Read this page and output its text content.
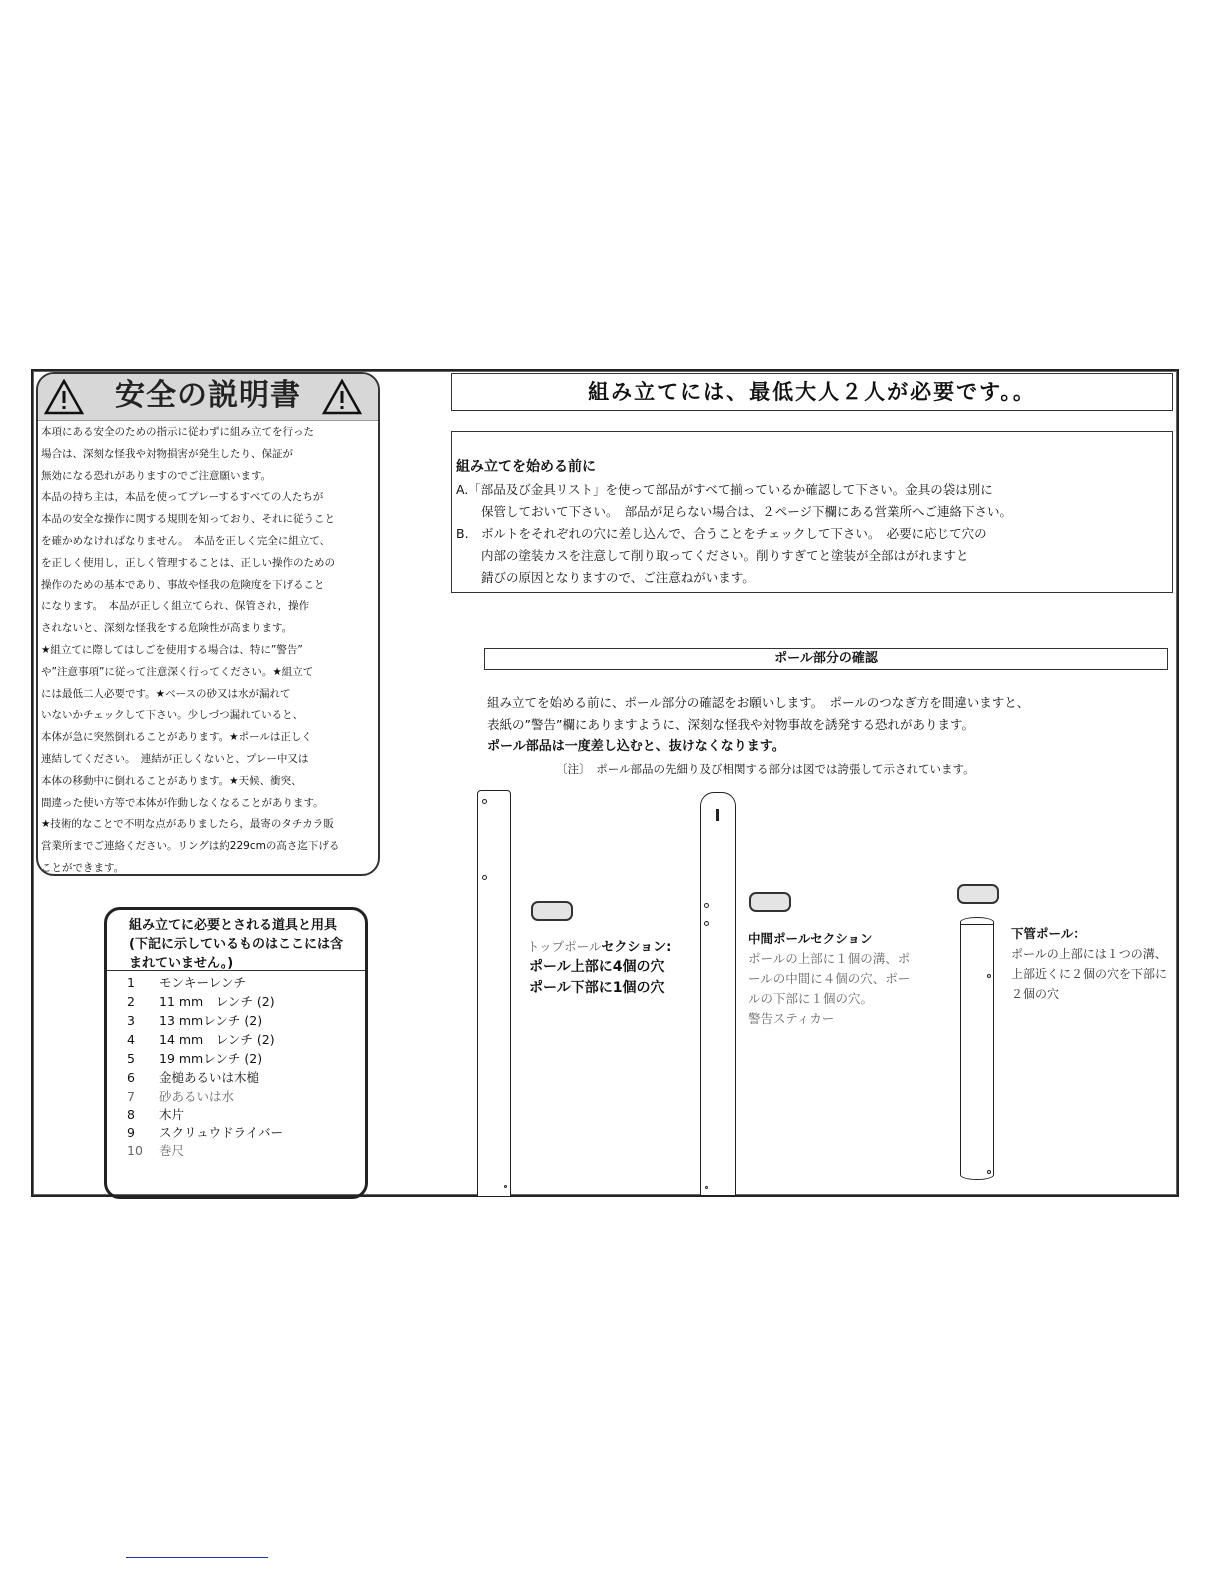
安全の説明書
本項にある安全のための指示に従わずに組み立てを行った
場合は、深刻な怪我や対物損害が発生したり、保証が
無効になる恐れがありますのでご注意願います。
本品の持ち主は，本品を使ってプレーするすべての人たちが
本品の安全な操作に関する規則を知っており、それに従うこと
を確かめなければなりません。　本品を正しく完全に組立て、
を正しく使用し，正しく管理することは、正しい操作のための
操作のための基本であり、事故や怪我の危険度を下げること
になります。　本品が正しく組立てられ、保管され，操作
されないと、深刻な怪我をする危険性が高まります。
★組立てに際してはしごを使用する場合は、特に”警告”
や”注意事項”に従って注意深く行ってください。★組立て
には最低二人必要です。★ベースの砂又は水が漏れて
いないかチェックして下さい。少しづつ漏れていると、
本体が急に突然倒れることがあります。★ポールは正しく
連結してください。　連結が正しくないと、プレー中又は
本体の移動中に倒れることがあります。★天候、衝突、
間違った使い方等で本体が作動しなくなることがあります。
★技術的なことで不明な点がありましたら，最寄のタチカラ販
営業所までご連絡ください。リングは約229cmの高さ迄下げる
ことができます。
組み立てには、最低大人２人が必要です。。
組み立てを始める前に
A.「部品及び金具リスト」を使って部品がすべて揃っているか確認して下さい。金具の袋は別に
　　保管しておいて下さい。　部品が足らない場合は、２ページ下欄にある営業所へご連絡下さい。
B.　ボルトをそれぞれの穴に差し込んで、合うことをチェックして下さい。　必要に応じて穴の
　　内部の塗装カスを注意して削り取ってください。削りすぎてと塗装が全部はがれますと
　　錆びの原因となりますので、ご注意ねがいます。
ポール部分の確認
組み立てを始める前に、ポール部分の確認をお願いします。　ポールのつなぎ方を間違いますと、
表紙の”警告”欄にありますように、深刻な怪我や対物事故を誘発する恐れがあります。
ポール部品は一度差し込むと、抜けなくなります。
〔注〕　ポール部品の先細り及び相関する部分は図では誇張して示されています。
トップポールセクション:
ポール上部に4個の穴
ポール下部に1個の穴
中間ポールセクション
ポールの上部に１個の溝、ポ
ールの中間に４個の穴、ポー
ルの下部に１個の穴。
警告スティカー
下管ポール：
ポールの上部には１つの溝、
上部近くに２個の穴を下部に
２個の穴
組み立てに必要とされる道具と用具
(下記に示しているものはここには含
まれていません。)
1 モンキーレンチ
2 11 mm　レンチ (2)
3 13 mmレンチ (2)
4 14 mm　レンチ (2)
5 19 mmレンチ (2)
6 金槌あるいは木槌
7 砂あるいは水
8 木片
9 スクリュウドライバー
10 巻尺
